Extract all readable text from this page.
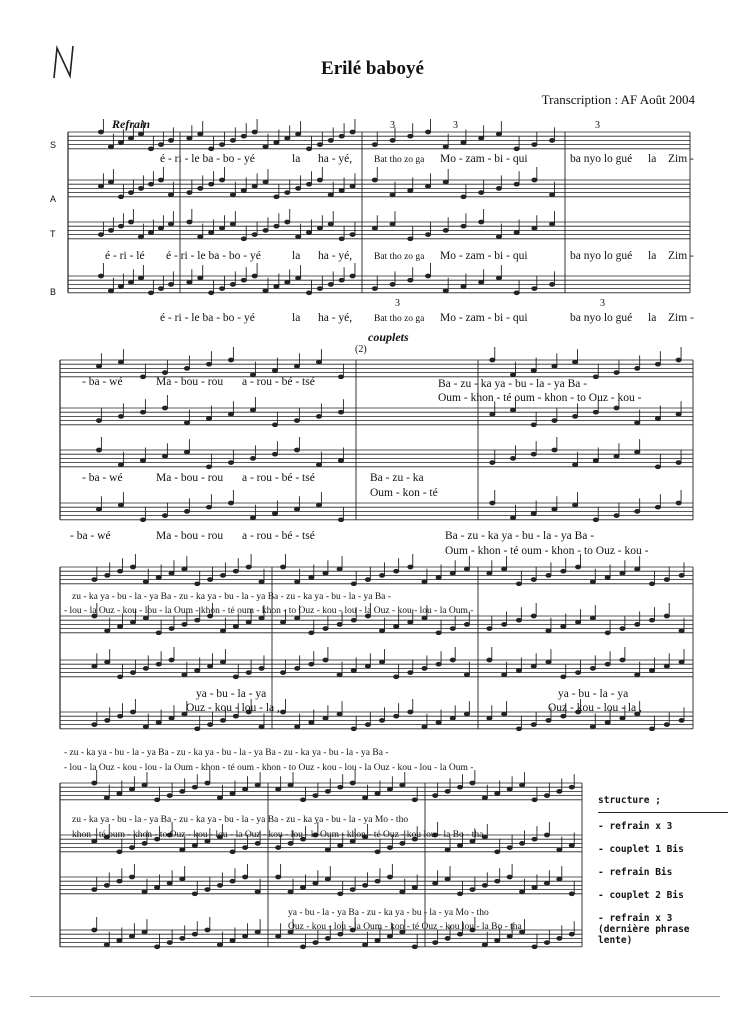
Erilé baboyé
Transcription : AF Août 2004
Refrain
S
A
T
B
3	3	3
3	3
é - ri - le ba - bo - yé	la ha - yé, Bat tho zo ga Mo - zam - bi - qui	ba nyo lo gué la Zim -
é - ri - lé é - ri - le ba - bo - yé	la ha - yé, Bat tho zo ga Mo - zam - bi - qui	ba nyo lo gué la Zim -
é - ri - le ba - bo - yé	la ha - yé, Bat tho zo ga Mo - zam - bi - qui	ba nyo lo gué la Zim -
couplets
(2)
- ba - wé	Ma - bou - rou a - rou - bé - tsé	Ba - zu - ka ya - bu - la - ya Ba -
Oum - khon - té oum - khon - to Ouz - kou -
- ba - wé	Ma - bou - rou a - rou - bé - tsé	Ba - zu - ka
Oum - kon - té
- ba - wé	Ma - bou - rou a - rou - bé - tsé	Ba - zu - ka ya - bu - la - ya Ba -
Oum - khon - té oum - khon - to Ouz - kou -
zu - ka ya - bu - la - ya Ba - zu - ka ya - bu - la - ya Ba - zu - ka ya - bu - la - ya Ba -
- lou - la Ouz - kou - lou - la Oum - khon - té oum - khon - to Ouz - kou - lou - la Ouz - kou - lou - la Oum -
ya - bu - la - ya
Ouz - kou - lou - la ,
ya - bu - la - ya
Ouz - kou - lou - la ,
- zu - ka ya - bu - la - ya Ba - zu - ka ya - bu - la - ya Ba - zu - ka ya - bu - la - ya Ba -
- lou - la Ouz - kou - lou - la Oum - khon - té oum - khon - to Ouz - kou - lou - la Ouz - kou - lou - la Oum -
zu - ka ya - bu - la - ya Ba - zu - ka ya - bu - la - ya Ba - zu - ka ya - bu - la - ya Mo - tho
khon - té oum - khon - to Ouz - kou - lou - la Ouz - kou - lou - la Oum - khon - té Ouz - kou lou - la Bo - tha
ya - bu - la - ya Ba - zu - ka ya - bu - la - ya Mo - tho
Ouz - kou - lou - la Oum - kon - té Ouz - kou lou - la Bo - tha
structure ;
- refrain x 3
- couplet 1 Bis
- refrain Bis
- couplet 2 Bis
- refrain x 3
(dernière phrase lente)
